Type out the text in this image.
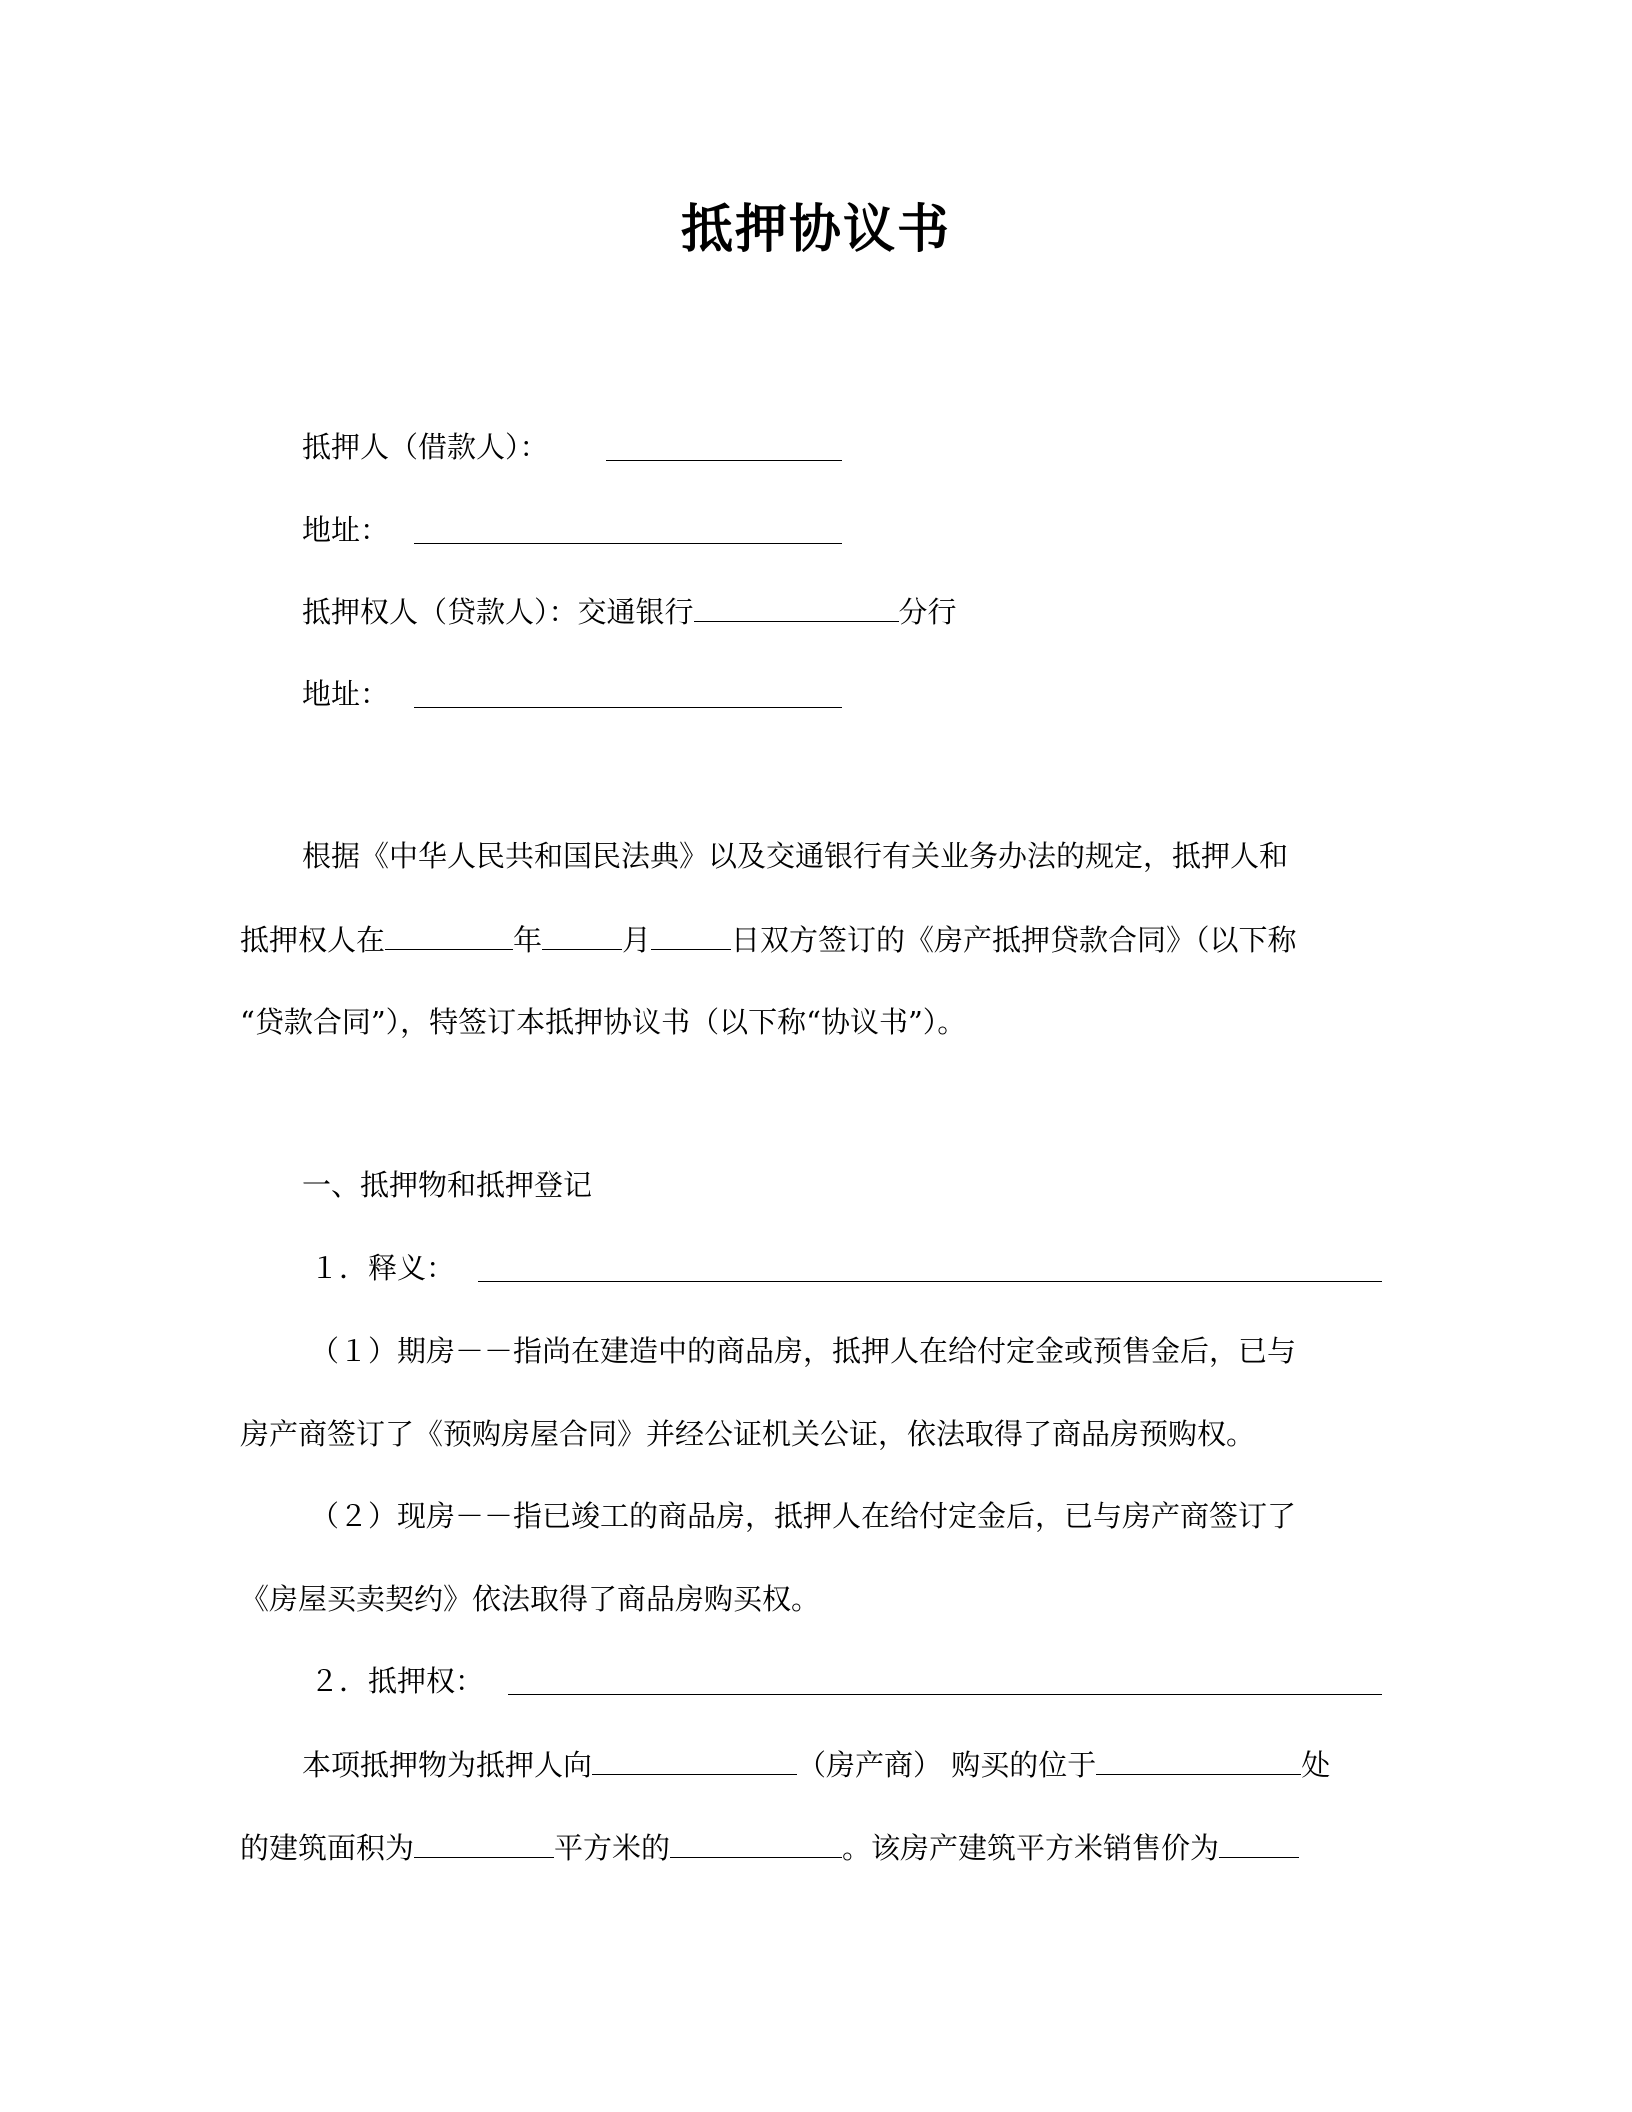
抵押协议书
抵押人（借款人）：
地址：
抵押权人（贷款人）：交通银行	分行
地址：
根据《中华人民共和国民法典》以及交通银行有关业务办法的规定，抵押人和
抵押权人在	年	月	日双方签订的《房产抵押贷款合同》（以下称
“贷款合同”），特签订本抵押协议书（以下称“协议书”）。
一、抵押物和抵押登记
１．释义：
（１）期房－－指尚在建造中的商品房，抵押人在给付定金或预售金后，已与
房产商签订了《预购房屋合同》并经公证机关公证，依法取得了商品房预购权。
（２）现房－－指已竣工的商品房，抵押人在给付定金后，已与房产商签订了
《房屋买卖契约》依法取得了商品房购买权。
２．抵押权：
本项抵押物为抵押人向	（房产商） 购买的位于	处
的建筑面积为	平方米的	。该房产建筑平方米销售价为
